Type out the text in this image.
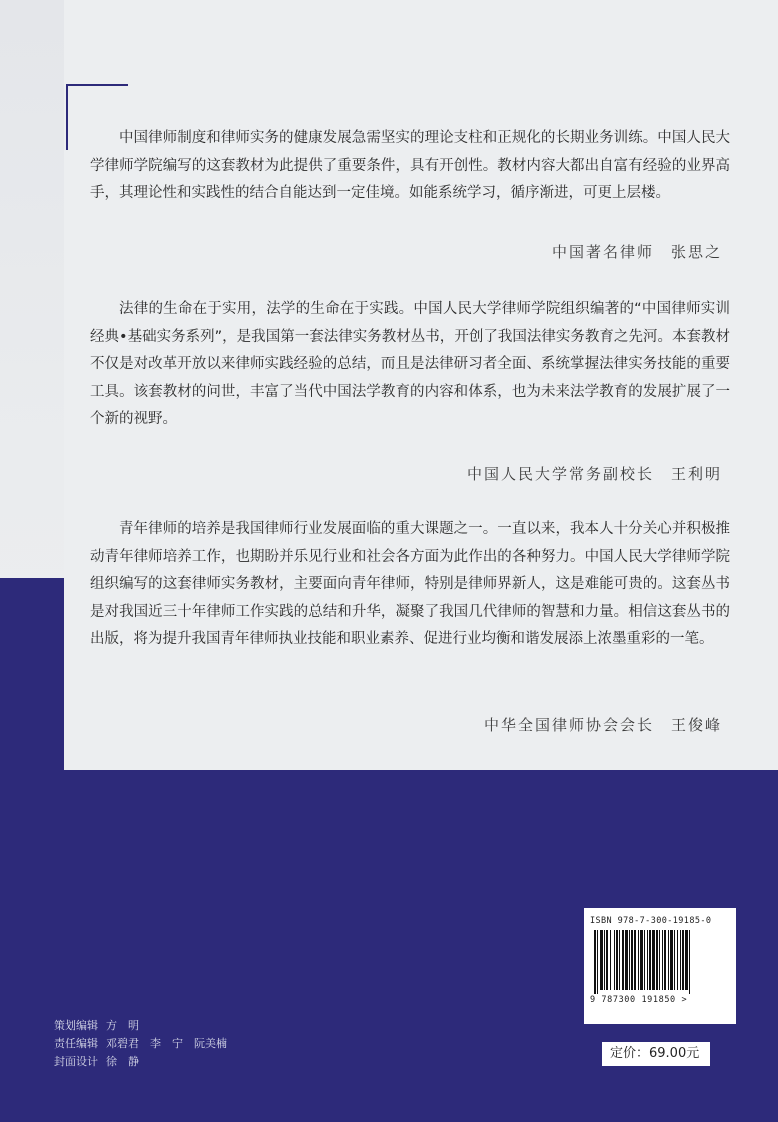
中国律师制度和律师实务的健康发展急需坚实的理论支柱和正规化的长期业务训练。中国人民大学律师学院编写的这套教材为此提供了重要条件，具有开创性。教材内容大都出自富有经验的业界高手，其理论性和实践性的结合自能达到一定佳境。如能系统学习，循序渐进，可更上层楼。
中国著名律师　张思之
法律的生命在于实用，法学的生命在于实践。中国人民大学律师学院组织编著的“中国律师实训经典•基础实务系列”，是我国第一套法律实务教材丛书，开创了我国法律实务教育之先河。本套教材不仅是对改革开放以来律师实践经验的总结，而且是法律研习者全面、系统掌握法律实务技能的重要工具。该套教材的问世，丰富了当代中国法学教育的内容和体系，也为未来法学教育的发展扩展了一个新的视野。
中国人民大学常务副校长　王利明
青年律师的培养是我国律师行业发展面临的重大课题之一。一直以来，我本人十分关心并积极推动青年律师培养工作，也期盼并乐见行业和社会各方面为此作出的各种努力。中国人民大学律师学院组织编写的这套律师实务教材，主要面向青年律师，特别是律师界新人，这是难能可贵的。这套丛书是对我国近三十年律师工作实践的总结和升华，凝聚了我国几代律师的智慧和力量。相信这套丛书的出版，将为提升我国青年律师执业技能和职业素养、促进行业均衡和谐发展添上浓墨重彩的一笔。
中华全国律师协会会长　王俊峰
策划编辑 方　明
责任编辑 邓碧君　李　宁　阮美楠
封面设计 徐　静
ISBN 978-7-300-19185-0
9 787300 191850 >
定价：69.00元
